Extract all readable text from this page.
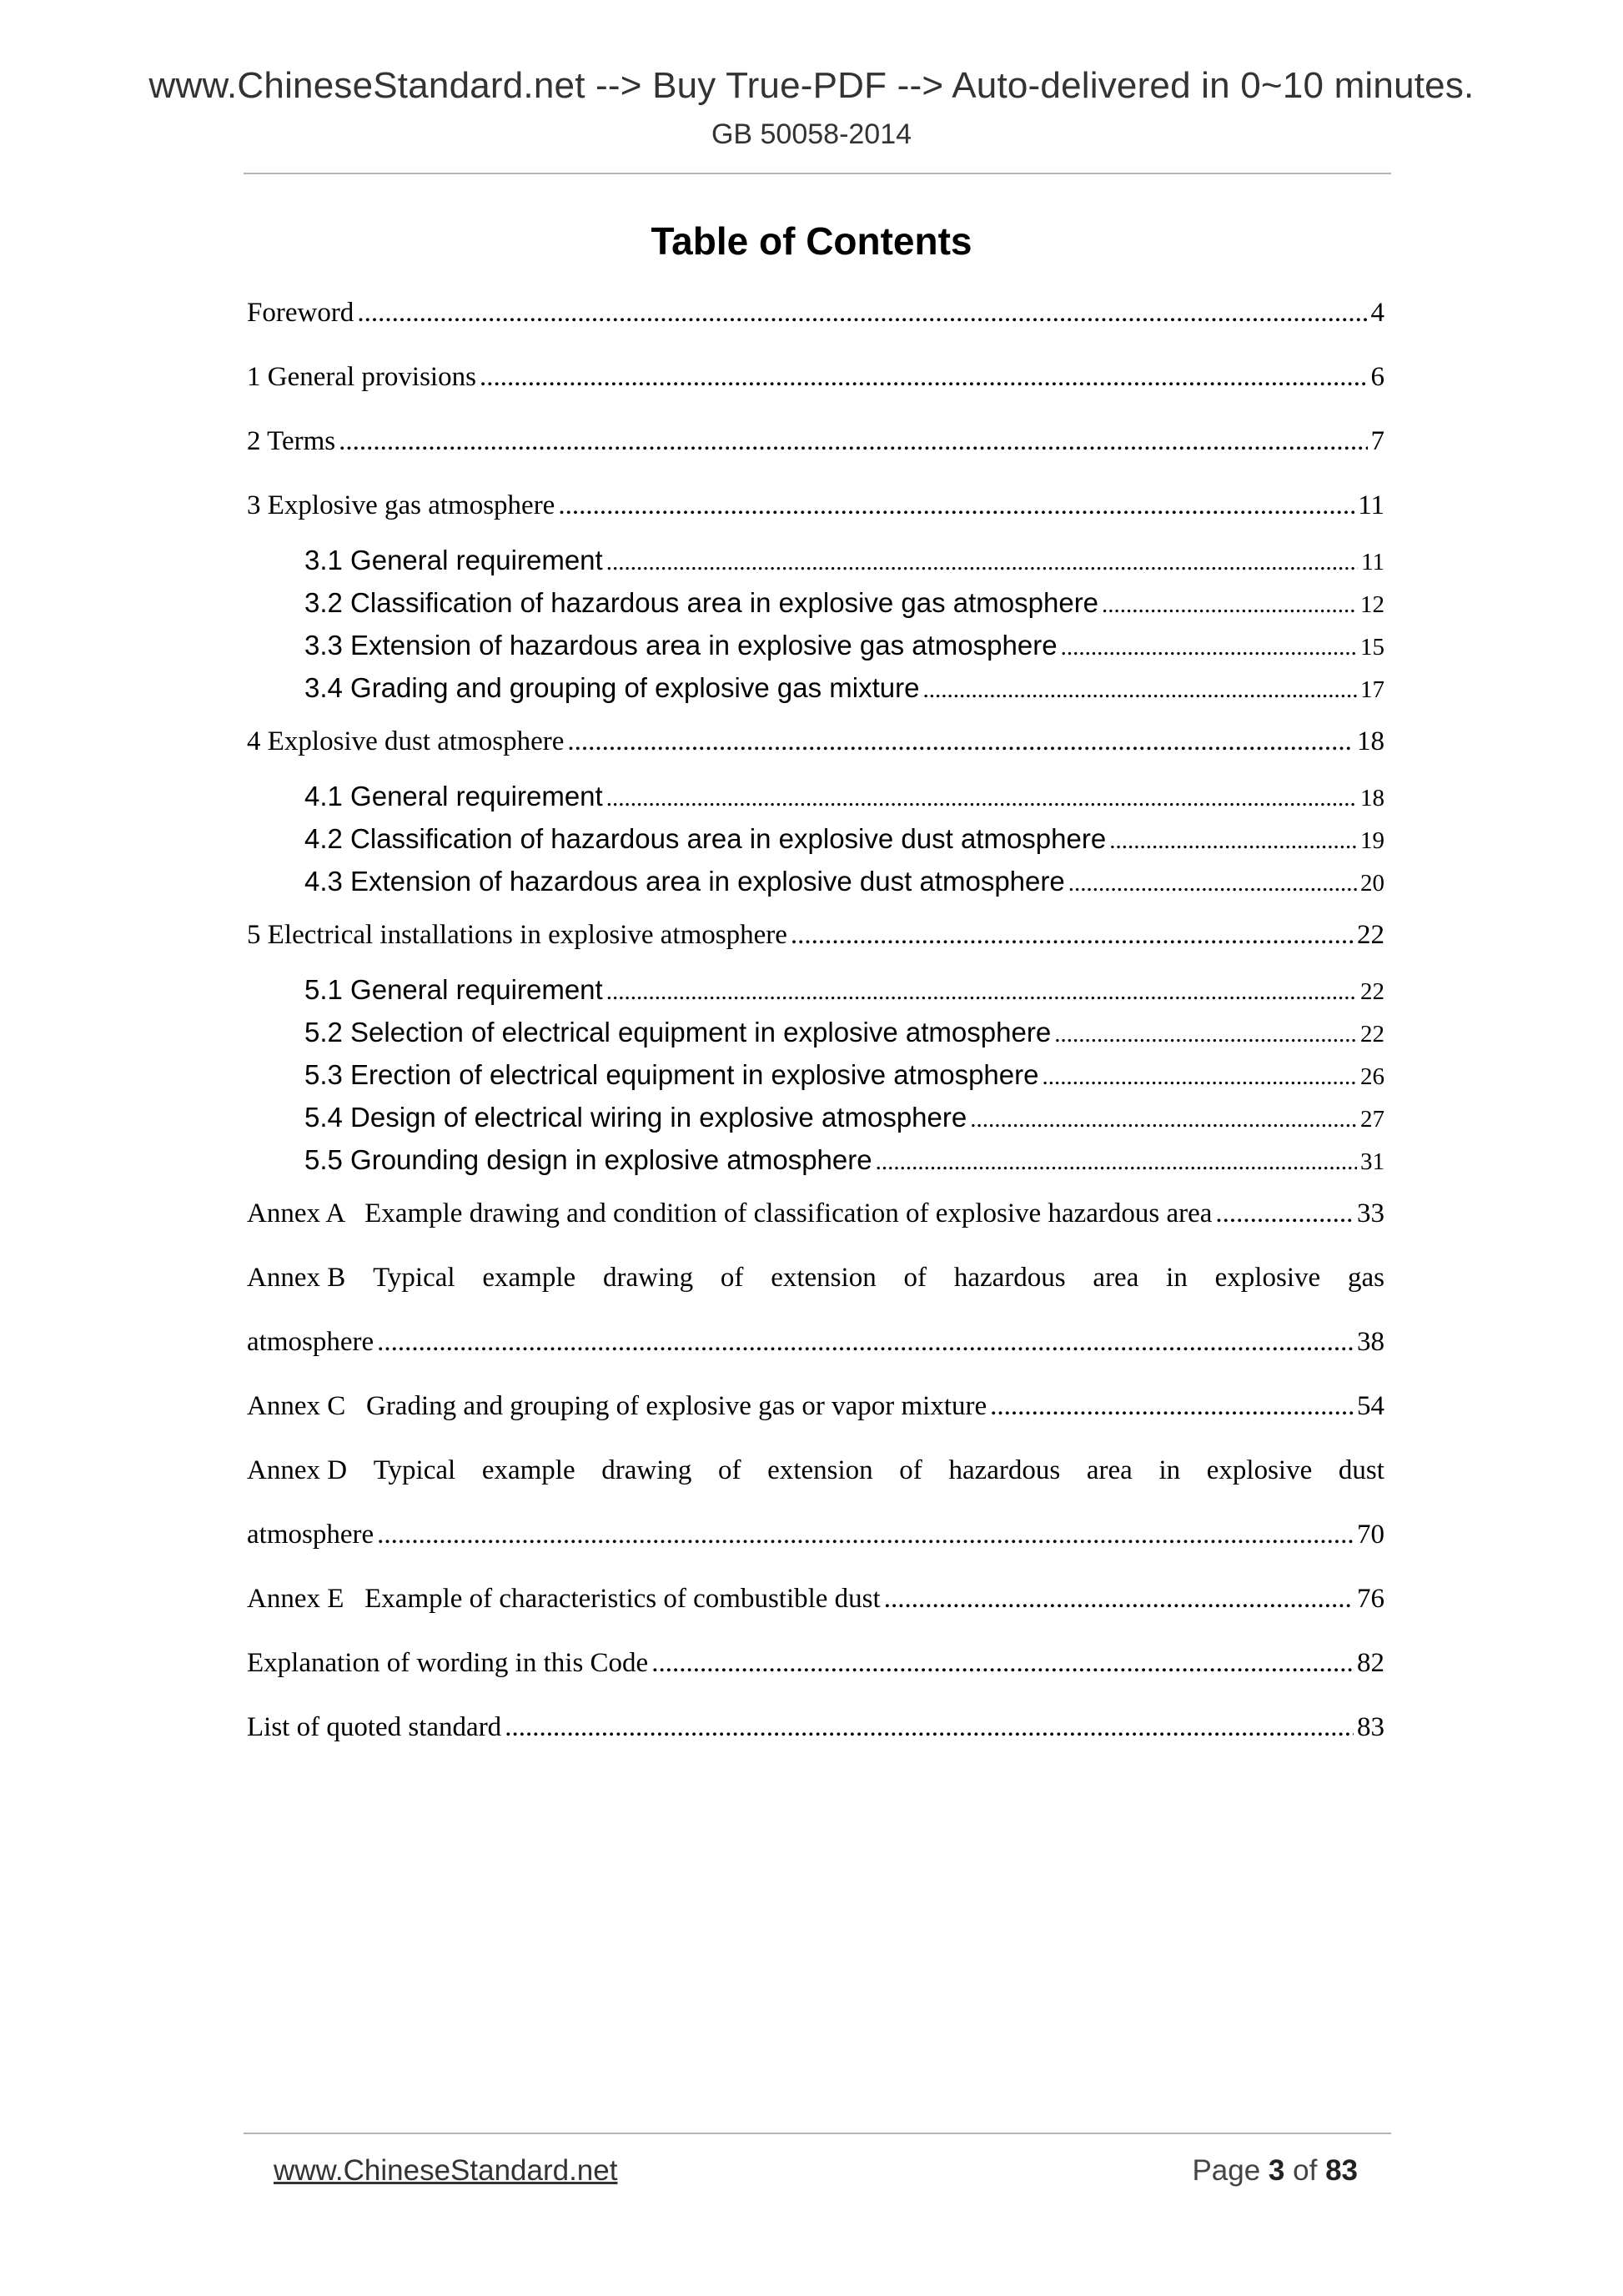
www.ChineseStandard.net --> Buy True-PDF --> Auto-delivered in 0~10 minutes.
GB 50058-2014
Table of Contents
Foreword .....	4
1 General provisions .....	6
2 Terms .....	7
3 Explosive gas atmosphere .....	11
3.1 General requirement .....	11
3.2 Classification of hazardous area in explosive gas atmosphere .....	12
3.3 Extension of hazardous area in explosive gas atmosphere .....	15
3.4 Grading and grouping of explosive gas mixture .....	17
4 Explosive dust atmosphere .....	18
4.1 General requirement .....	18
4.2 Classification of hazardous area in explosive dust atmosphere .....	19
4.3 Extension of hazardous area in explosive dust atmosphere .....	20
5 Electrical installations in explosive atmosphere .....	22
5.1 General requirement .....	22
5.2 Selection of electrical equipment in explosive atmosphere .....	22
5.3 Erection of electrical equipment in explosive atmosphere .....	26
5.4 Design of electrical wiring in explosive atmosphere .....	27
5.5 Grounding design in explosive atmosphere .....	31
Annex A   Example drawing and condition of classification of explosive hazardous area .....	33
Annex B Typical example drawing of extension of hazardous area in explosive gas
atmosphere .....	38
Annex C   Grading and grouping of explosive gas or vapor mixture .....	54
Annex D Typical example drawing of extension of hazardous area in explosive dust
atmosphere .....	70
Annex E   Example of characteristics of combustible dust .....	76
Explanation of wording in this Code .....	82
List of quoted standard .....	83
www.ChineseStandard.net	Page 3 of 83
